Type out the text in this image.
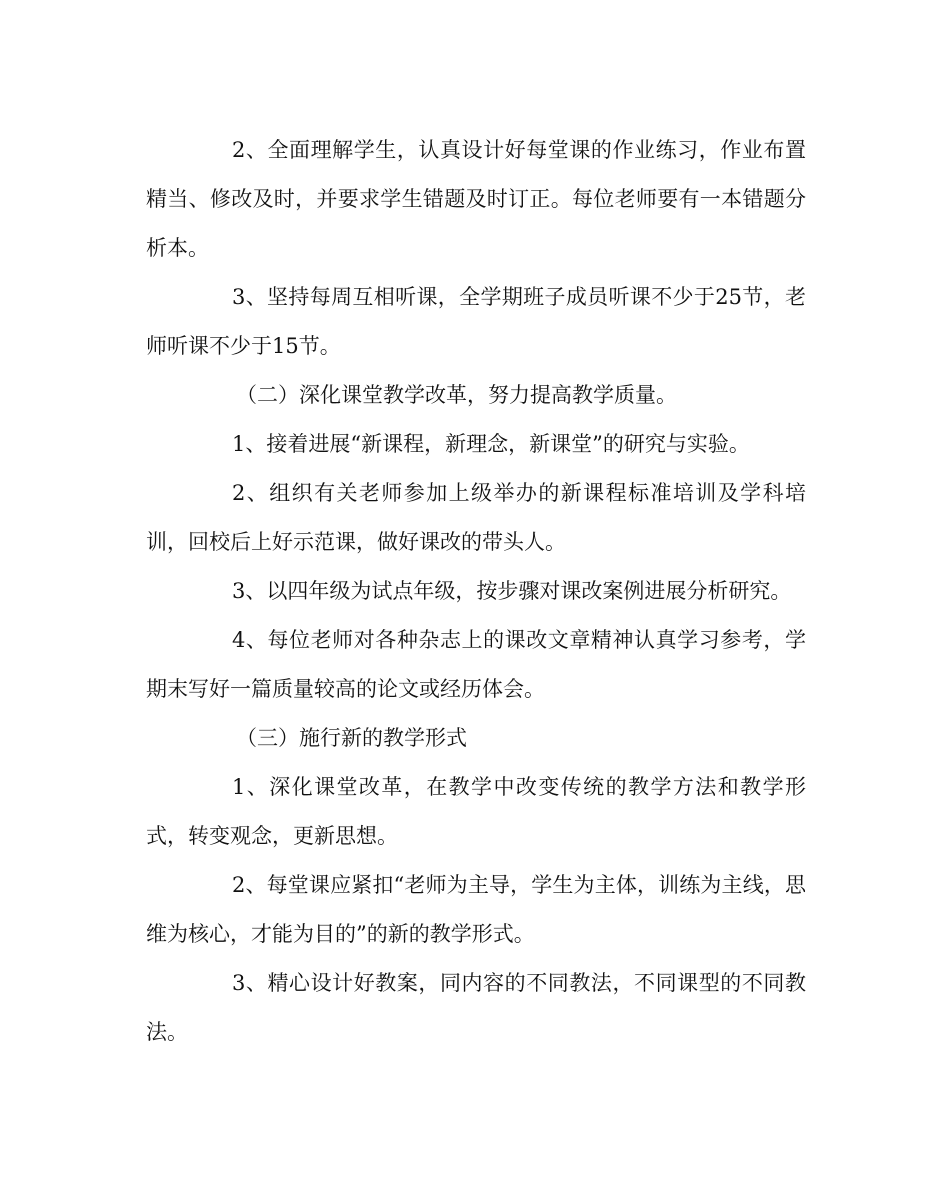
2、全面理解学生，认真设计好每堂课的作业练习，作业布置精当、修改及时，并要求学生错题及时订正。每位老师要有一本错题分析本。

3、坚持每周互相听课，全学期班子成员听课不少于25节，老师听课不少于15节。

（二）深化课堂教学改革，努力提高教学质量。

1、接着进展“新课程，新理念，新课堂”的研究与实验。

2、组织有关老师参加上级举办的新课程标准培训及学科培训，回校后上好示范课，做好课改的带头人。

3、以四年级为试点年级，按步骤对课改案例进展分析研究。

4、每位老师对各种杂志上的课改文章精神认真学习参考，学期末写好一篇质量较高的论文或经历体会。

（三）施行新的教学形式

1、深化课堂改革，在教学中改变传统的教学方法和教学形式，转变观念，更新思想。

2、每堂课应紧扣“老师为主导，学生为主体，训练为主线，思维为核心，才能为目的”的新的教学形式。

3、精心设计好教案，同内容的不同教法，不同课型的不同教法。
